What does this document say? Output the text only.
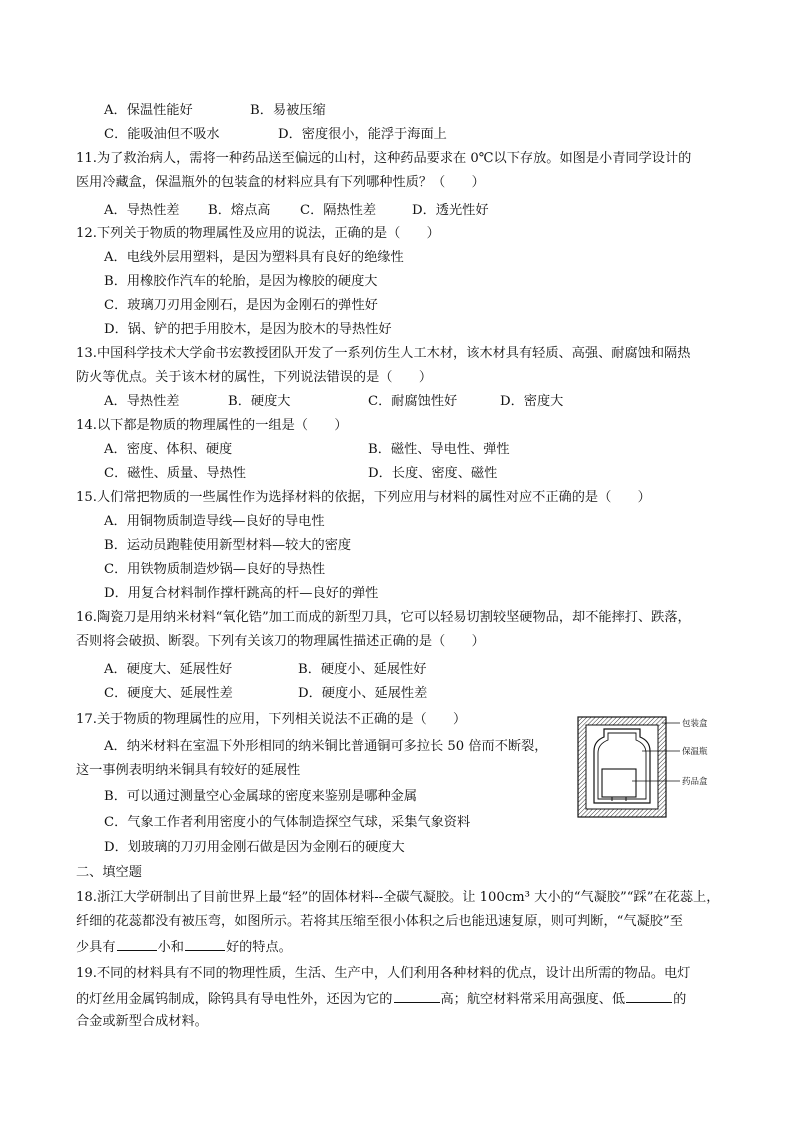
A．保温性能好	B．易被压缩
C．能吸油但不吸水	D．密度很小，能浮于海面上
11.为了救治病人，需将一种药品送至偏远的山村，这种药品要求在 0℃以下存放。如图是小青同学设计的
医用冷藏盒，保温瓶外的包装盒的材料应具有下列哪种性质？（　　）
A．导热性差 B．熔点高 C．隔热性差	D．透光性好
12.下列关于物质的物理属性及应用的说法，正确的是（　　）
A．电线外层用塑料，是因为塑料具有良好的绝缘性
B．用橡胶作汽车的轮胎，是因为橡胶的硬度大
C．玻璃刀刃用金刚石，是因为金刚石的弹性好
D．锅、铲的把手用胶木，是因为胶木的导热性好
13.中国科学技术大学俞书宏教授团队开发了一系列仿生人工木材，该木材具有轻质、高强、耐腐蚀和隔热
防火等优点。关于该木材的属性，下列说法错误的是（　　）
A．导热性差	B．硬度大	C．耐腐蚀性好	D．密度大
14.以下都是物质的物理属性的一组是（　　）
A．密度、体积、硬度	B．磁性、导电性、弹性
C．磁性、质量、导热性	D．长度、密度、磁性
15.人们常把物质的一些属性作为选择材料的依据，下列应用与材料的属性对应不正确的是（　　）
A．用铜物质制造导线—良好的导电性
B．运动员跑鞋使用新型材料—较大的密度
C．用铁物质制造炒锅—良好的导热性
D．用复合材料制作撑杆跳高的杆—良好的弹性
16.陶瓷刀是用纳米材料“氧化锆”加工而成的新型刀具，它可以轻易切割较坚硬物品，却不能摔打、跌落，
否则将会破损、断裂。下列有关该刀的物理属性描述正确的是（　　）
A．硬度大、延展性好	B．硬度小、延展性好
C．硬度大、延展性差	D．硬度小、延展性差
17.关于物质的物理属性的应用，下列相关说法不正确的是（　　）
A．纳米材料在室温下外形相同的纳米铜比普通铜可多拉长 50 倍而不断裂，
这一事例表明纳米铜具有较好的延展性
B．可以通过测量空心金属球的密度来鉴别是哪种金属
C．气象工作者利用密度小的气体制造探空气球，采集气象资料
D．划玻璃的刀刃用金刚石做是因为金刚石的硬度大
包装盒
保温瓶
药品盒
二、填空题
18.浙江大学研制出了目前世界上最“轻”的固体材料--全碳气凝胶。让 100cm³ 大小的“气凝胶”“踩”在花蕊上，
纤细的花蕊都没有被压弯，如图所示。若将其压缩至很小体积之后也能迅速复原，则可判断，“气凝胶”至
少具有	小和	好的特点。
19.不同的材料具有不同的物理性质，生活、生产中，人们利用各种材料的优点，设计出所需的物品。电灯
的灯丝用金属钨制成，除钨具有导电性外，还因为它的	高；航空材料常采用高强度、低	的
合金或新型合成材料。
